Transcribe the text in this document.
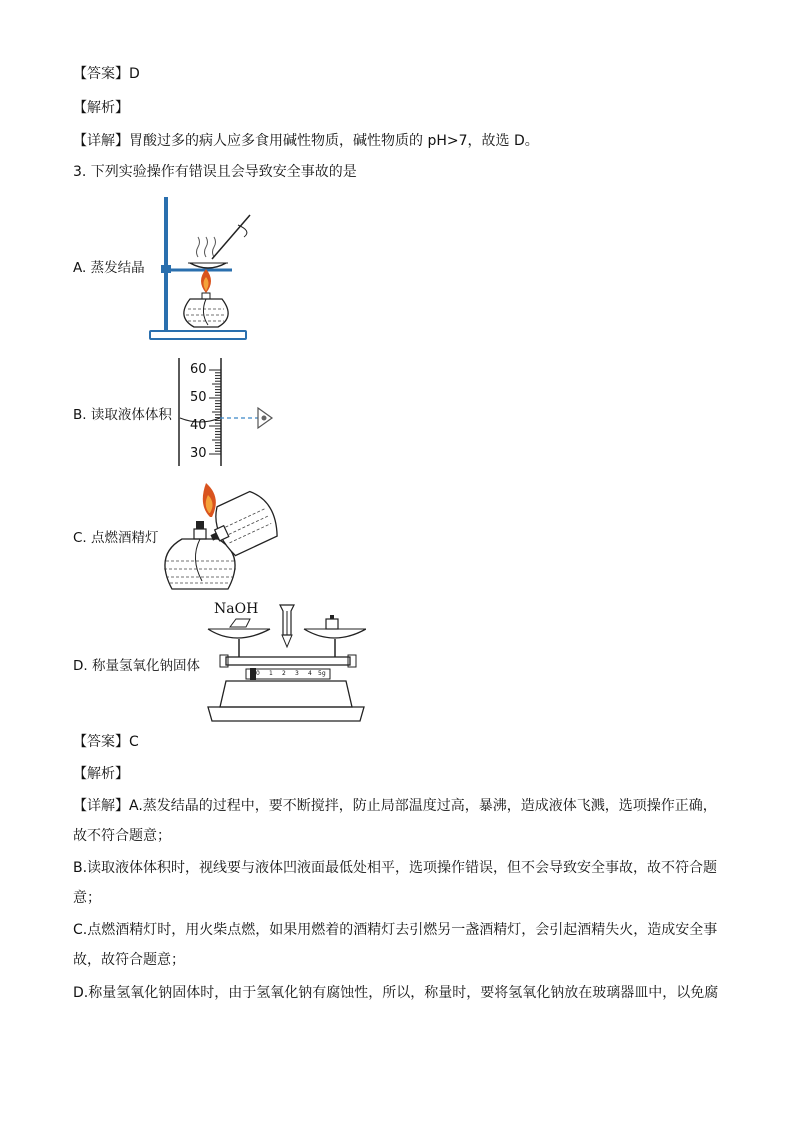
【答案】D
【解析】
【详解】胃酸过多的病人应多食用碱性物质，碱性物质的 pH>7，故选 D。
3. 下列实验操作有错误且会导致安全事故的是
A. 蒸发结晶
B. 读取液体体积
60
50
40
30
C. 点燃酒精灯
D. 称量氢氧化钠固体
NaOH
0 1 2 3 4 5g
【答案】C
【解析】
【详解】A.蒸发结晶的过程中，要不断搅拌，防止局部温度过高，暴沸，造成液体飞溅，选项操作正确，
故不符合题意；
B.读取液体体积时，视线要与液体凹液面最低处相平，选项操作错误，但不会导致安全事故，故不符合题
意；
C.点燃酒精灯时，用火柴点燃，如果用燃着的酒精灯去引燃另一盏酒精灯，会引起酒精失火，造成安全事
故，故符合题意；
D.称量氢氧化钠固体时，由于氢氧化钠有腐蚀性，所以，称量时，要将氢氧化钠放在玻璃器皿中，以免腐
